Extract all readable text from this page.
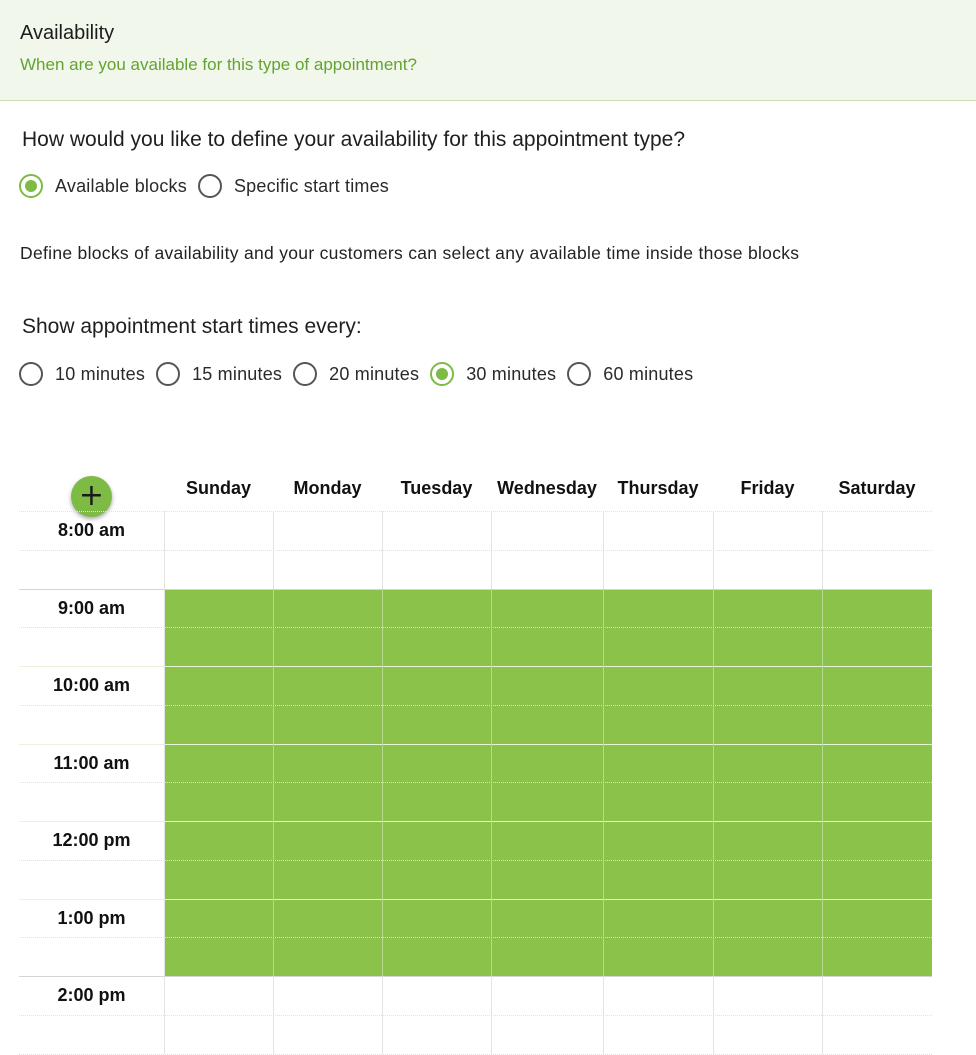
Availability
When are you available for this type of appointment?
How would you like to define your availability for this appointment type?
Available blocks	Specific start times
Define blocks of availability and your customers can select any available time inside those blocks
Show appointment start times every:
10 minutes	15 minutes	20 minutes	30 minutes	60 minutes
+	Sunday	Monday	Tuesday	Wednesday	Thursday	Friday	Saturday
8:00 am
9:00 am
10:00 am
11:00 am
12:00 pm
1:00 pm
2:00 pm
